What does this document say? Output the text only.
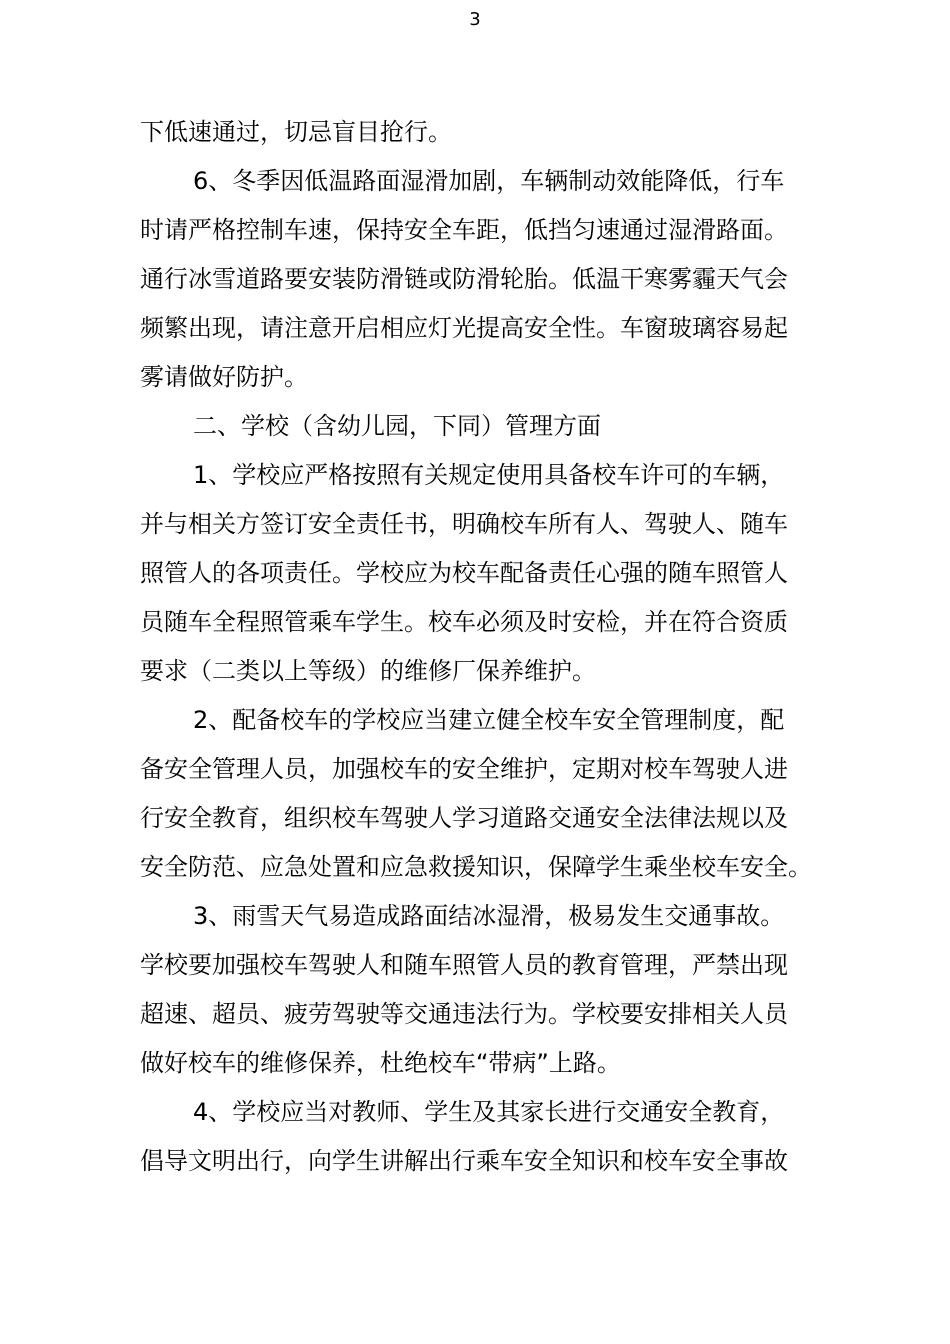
3
下低速通过，切忌盲目抢行。
6、冬季因低温路面湿滑加剧，车辆制动效能降低，行车
时请严格控制车速，保持安全车距，低挡匀速通过湿滑路面。
通行冰雪道路要安装防滑链或防滑轮胎。低温干寒雾霾天气会
频繁出现，请注意开启相应灯光提高安全性。车窗玻璃容易起
雾请做好防护。
二、学校（含幼儿园，下同）管理方面
1、学校应严格按照有关规定使用具备校车许可的车辆，
并与相关方签订安全责任书，明确校车所有人、驾驶人、随车
照管人的各项责任。学校应为校车配备责任心强的随车照管人
员随车全程照管乘车学生。校车必须及时安检，并在符合资质
要求（二类以上等级）的维修厂保养维护。
2、配备校车的学校应当建立健全校车安全管理制度，配
备安全管理人员，加强校车的安全维护，定期对校车驾驶人进
行安全教育，组织校车驾驶人学习道路交通安全法律法规以及
安全防范、应急处置和应急救援知识，保障学生乘坐校车安全。
3、雨雪天气易造成路面结冰湿滑，极易发生交通事故。
学校要加强校车驾驶人和随车照管人员的教育管理，严禁出现
超速、超员、疲劳驾驶等交通违法行为。学校要安排相关人员
做好校车的维修保养，杜绝校车“带病”上路。
4、学校应当对教师、学生及其家长进行交通安全教育，
倡导文明出行，向学生讲解出行乘车安全知识和校车安全事故
